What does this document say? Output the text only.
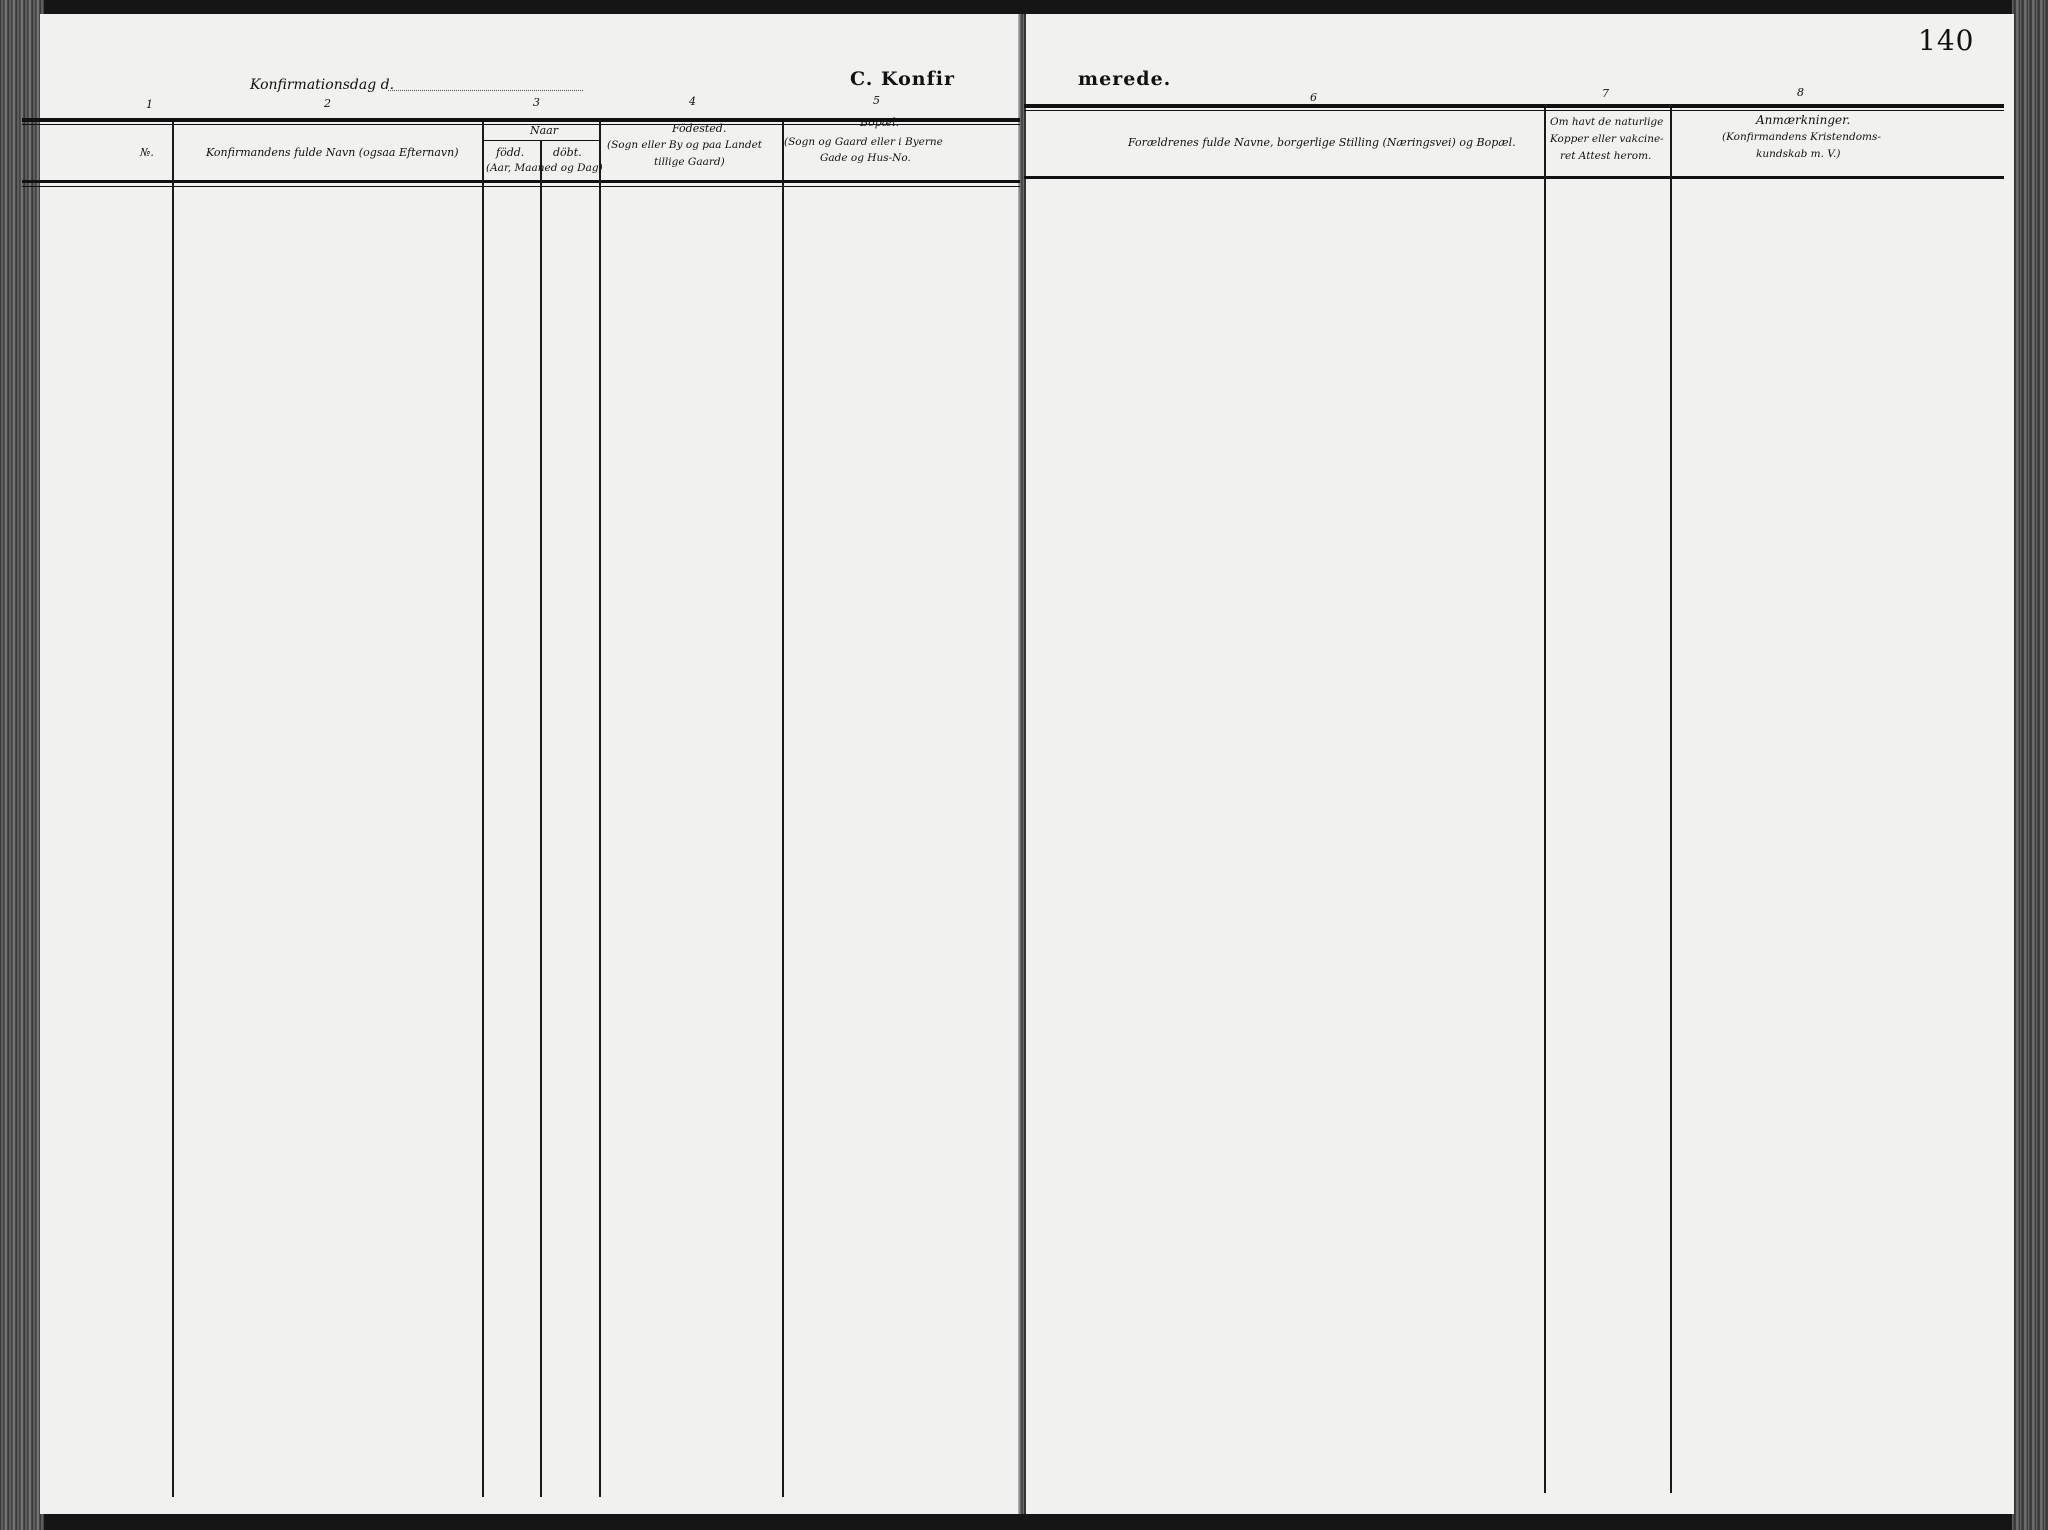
Konfirmationsdag d.	C. Konfir	merede.
140
1	2	3	4	5	6	7	8
№.	Konfirmandens fulde Navn (ogsaa Efternavn)
Naar
född.	döbt.
(Aar, Maaned og Dag)
Födested.
(Sogn eller By og paa Landet
tillige Gaard)
Bopæl.
(Sogn og Gaard eller i Byerne
Gade og Hus-No.
Forældrenes fulde Navne, borgerlige Stilling (Næringsvei) og Bopæl.
Om havt de naturlige
Kopper eller vakcine-
ret Attest herom.
Anmærkninger.
(Konfirmandens Kristendoms-
kundskab m. V.)
